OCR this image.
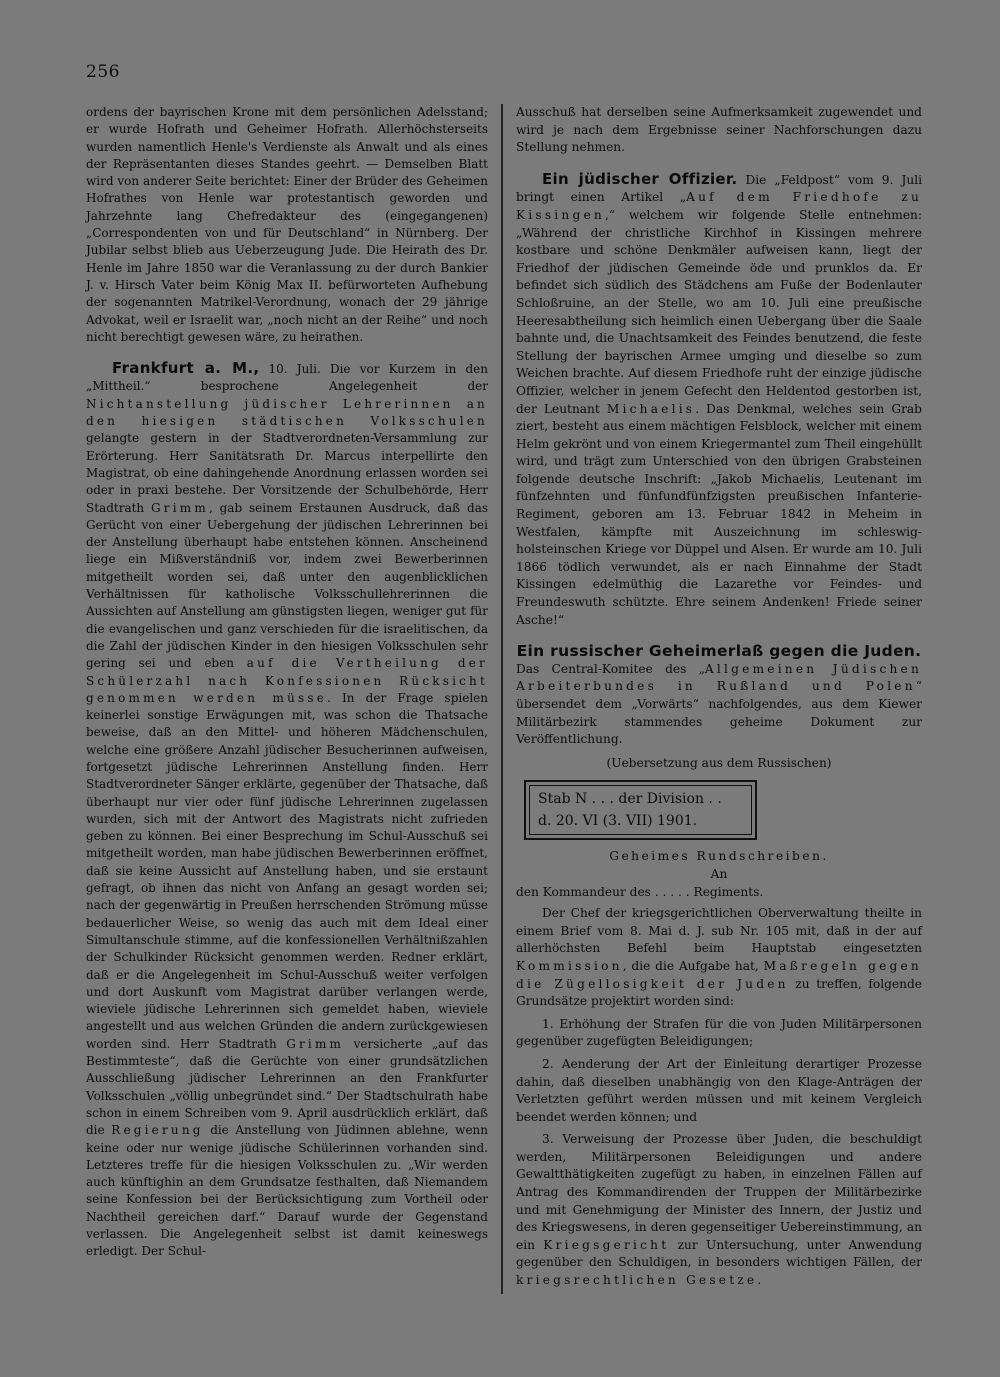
256

ordens der bayrischen Krone mit dem persönlichen Adelsstand; er wurde Hofrath und Geheimer Hofrath. Allerhöchsterseits wurden namentlich Henle's Verdienste als Anwalt und als eines der Repräsentanten dieses Standes geehrt. — Demselben Blatt wird von anderer Seite berichtet: Einer der Brüder des Geheimen Hofrathes von Henle war protestantisch geworden und Jahrzehnte lang Chefredakteur des (eingegangenen) „Correspondenten von und für Deutschland“ in Nürnberg. Der Jubilar selbst blieb aus Ueberzeugung Jude. Die Heirath des Dr. Henle im Jahre 1850 war die Veranlassung zu der durch Bankier J. v. Hirsch Vater beim König Max II. befürworteten Aufhebung der sogenannten Matrikel-Verordnung, wonach der 29 jährige Advokat, weil er Israelit war, „noch nicht an der Reihe“ und noch nicht berechtigt gewesen wäre, zu heirathen.

Frankfurt a. M., 10. Juli. Die vor Kurzem in den „Mittheil.“ besprochene Angelegenheit der Nichtanstellung jüdischer Lehrerinnen an den hiesigen städtischen Volksschulen gelangte gestern in der Stadtverordneten-Versammlung zur Erörterung. Herr Sanitätsrath Dr. Marcus interpellirte den Magistrat, ob eine dahingehende Anordnung erlassen worden sei oder in praxi bestehe. Der Vorsitzende der Schulbehörde, Herr Stadtrath Grimm, gab seinem Erstaunen Ausdruck, daß das Gerücht von einer Uebergehung der jüdischen Lehrerinnen bei der Anstellung überhaupt habe entstehen können. Anscheinend liege ein Mißverständniß vor, indem zwei Bewerberinnen mitgetheilt worden sei, daß unter den augenblicklichen Verhältnissen für katholische Volksschullehrerinnen die Aussichten auf Anstellung am günstigsten liegen, weniger gut für die evangelischen und ganz verschieden für die israelitischen, da die Zahl der jüdischen Kinder in den hiesigen Volksschulen sehr gering sei und eben auf die Vertheilung der Schülerzahl nach Konfessionen Rücksicht genommen werden müsse. In der Frage spielen keinerlei sonstige Erwägungen mit, was schon die Thatsache beweise, daß an den Mittel- und höheren Mädchenschulen, welche eine größere Anzahl jüdischer Besucherinnen aufweisen, fortgesetzt jüdische Lehrerinnen Anstellung finden. Herr Stadtverordneter Sänger erklärte, gegenüber der Thatsache, daß überhaupt nur vier oder fünf jüdische Lehrerinnen zugelassen wurden, sich mit der Antwort des Magistrats nicht zufrieden geben zu können. Bei einer Besprechung im Schul-Ausschuß sei mitgetheilt worden, man habe jüdischen Bewerberinnen eröffnet, daß sie keine Aussicht auf Anstellung haben, und sie erstaunt gefragt, ob ihnen das nicht von Anfang an gesagt worden sei; nach der gegenwärtig in Preußen herrschenden Strömung müsse bedauerlicher Weise, so wenig das auch mit dem Ideal einer Simultanschule stimme, auf die konfessionellen Verhältnißzahlen der Schulkinder Rücksicht genommen werden. Redner erklärt, daß er die Angelegenheit im Schul-Ausschuß weiter verfolgen und dort Auskunft vom Magistrat darüber verlangen werde, wieviele jüdische Lehrerinnen sich gemeldet haben, wieviele angestellt und aus welchen Gründen die andern zurückgewiesen worden sind. Herr Stadtrath Grimm versicherte „auf das Bestimmteste“, daß die Gerüchte von einer grundsätzlichen Ausschließung jüdischer Lehrerinnen an den Frankfurter Volksschulen „völlig unbegründet sind.“ Der Stadtschulrath habe schon in einem Schreiben vom 9. April ausdrücklich erklärt, daß die Regierung die Anstellung von Jüdinnen ablehne, wenn keine oder nur wenige jüdische Schülerinnen vorhanden sind. Letzteres treffe für die hiesigen Volksschulen zu. „Wir werden auch künftighin an dem Grundsatze festhalten, daß Niemandem seine Konfession bei der Berücksichtigung zum Vortheil oder Nachtheil gereichen darf.“ Darauf wurde der Gegenstand verlassen. Die Angelegenheit selbst ist damit keineswegs erledigt. Der Schul-

Ausschuß hat derselben seine Aufmerksamkeit zugewendet und wird je nach dem Ergebnisse seiner Nachforschungen dazu Stellung nehmen.

Ein jüdischer Offizier. Die „Feldpost“ vom 9. Juli bringt einen Artikel „Auf dem Friedhofe zu Kissingen,“ welchem wir folgende Stelle entnehmen: „Während der christliche Kirchhof in Kissingen mehrere kostbare und schöne Denkmäler aufweisen kann, liegt der Friedhof der jüdischen Gemeinde öde und prunklos da. Er befindet sich südlich des Städchens am Fuße der Bodenlauter Schloßruine, an der Stelle, wo am 10. Juli eine preußische Heeresabtheilung sich heimlich einen Uebergang über die Saale bahnte und, die Unachtsamkeit des Feindes benutzend, die feste Stellung der bayrischen Armee umging und dieselbe so zum Weichen brachte. Auf diesem Friedhofe ruht der einzige jüdische Offizier, welcher in jenem Gefecht den Heldentod gestorben ist, der Leutnant Michaelis. Das Denkmal, welches sein Grab ziert, besteht aus einem mächtigen Felsblock, welcher mit einem Helm gekrönt und von einem Kriegermantel zum Theil eingehüllt wird, und trägt zum Unterschied von den übrigen Grabsteinen folgende deutsche Inschrift: „Jakob Michaelis, Leutenant im fünfzehnten und fünfundfünfzigsten preußischen Infanterie-Regiment, geboren am 13. Februar 1842 in Meheim in Westfalen, kämpfte mit Auszeichnung im schleswig-holsteinschen Kriege vor Düppel und Alsen. Er wurde am 10. Juli 1866 tödlich verwundet, als er nach Einnahme der Stadt Kissingen edelmüthig die Lazarethe vor Feindes- und Freundeswuth schützte. Ehre seinem Andenken! Friede seiner Asche!“

Ein russischer Geheimerlaß gegen die Juden.

Das Central-Komitee des „Allgemeinen Jüdischen Arbeiterbundes in Rußland und Polen“ übersendet dem „Vorwärts“ nachfolgendes, aus dem Kiewer Militärbezirk stammendes geheime Dokument zur Veröffentlichung.

(Uebersetzung aus dem Russischen)

Stab N . . . der Division . .
d. 20. VI (3. VII) 1901.

Geheimes Rundschreiben.

An

den Kommandeur des . . . . . Regiments.

Der Chef der kriegsgerichtlichen Oberverwaltung theilte in einem Brief vom 8. Mai d. J. sub Nr. 105 mit, daß in der auf allerhöchsten Befehl beim Hauptstab eingesetzten Kommission, die die Aufgabe hat, Maßregeln gegen die Zügellosigkeit der Juden zu treffen, folgende Grundsätze projektirt worden sind:

1. Erhöhung der Strafen für die von Juden Militärpersonen gegenüber zugefügten Beleidigungen;

2. Aenderung der Art der Einleitung derartiger Prozesse dahin, daß dieselben unabhängig von den Klage-Anträgen der Verletzten geführt werden müssen und mit keinem Vergleich beendet werden können; und

3. Verweisung der Prozesse über Juden, die beschuldigt werden, Militärpersonen Beleidigungen und andere Gewaltthätigkeiten zugefügt zu haben, in einzelnen Fällen auf Antrag des Kommandirenden der Truppen der Militärbezirke und mit Genehmigung der Minister des Innern, der Justiz und des Kriegswesens, in deren gegenseitiger Uebereinstimmung, an ein Kriegsgericht zur Untersuchung, unter Anwendung gegenüber den Schuldigen, in besonders wichtigen Fällen, der kriegsrechtlichen Gesetze.
